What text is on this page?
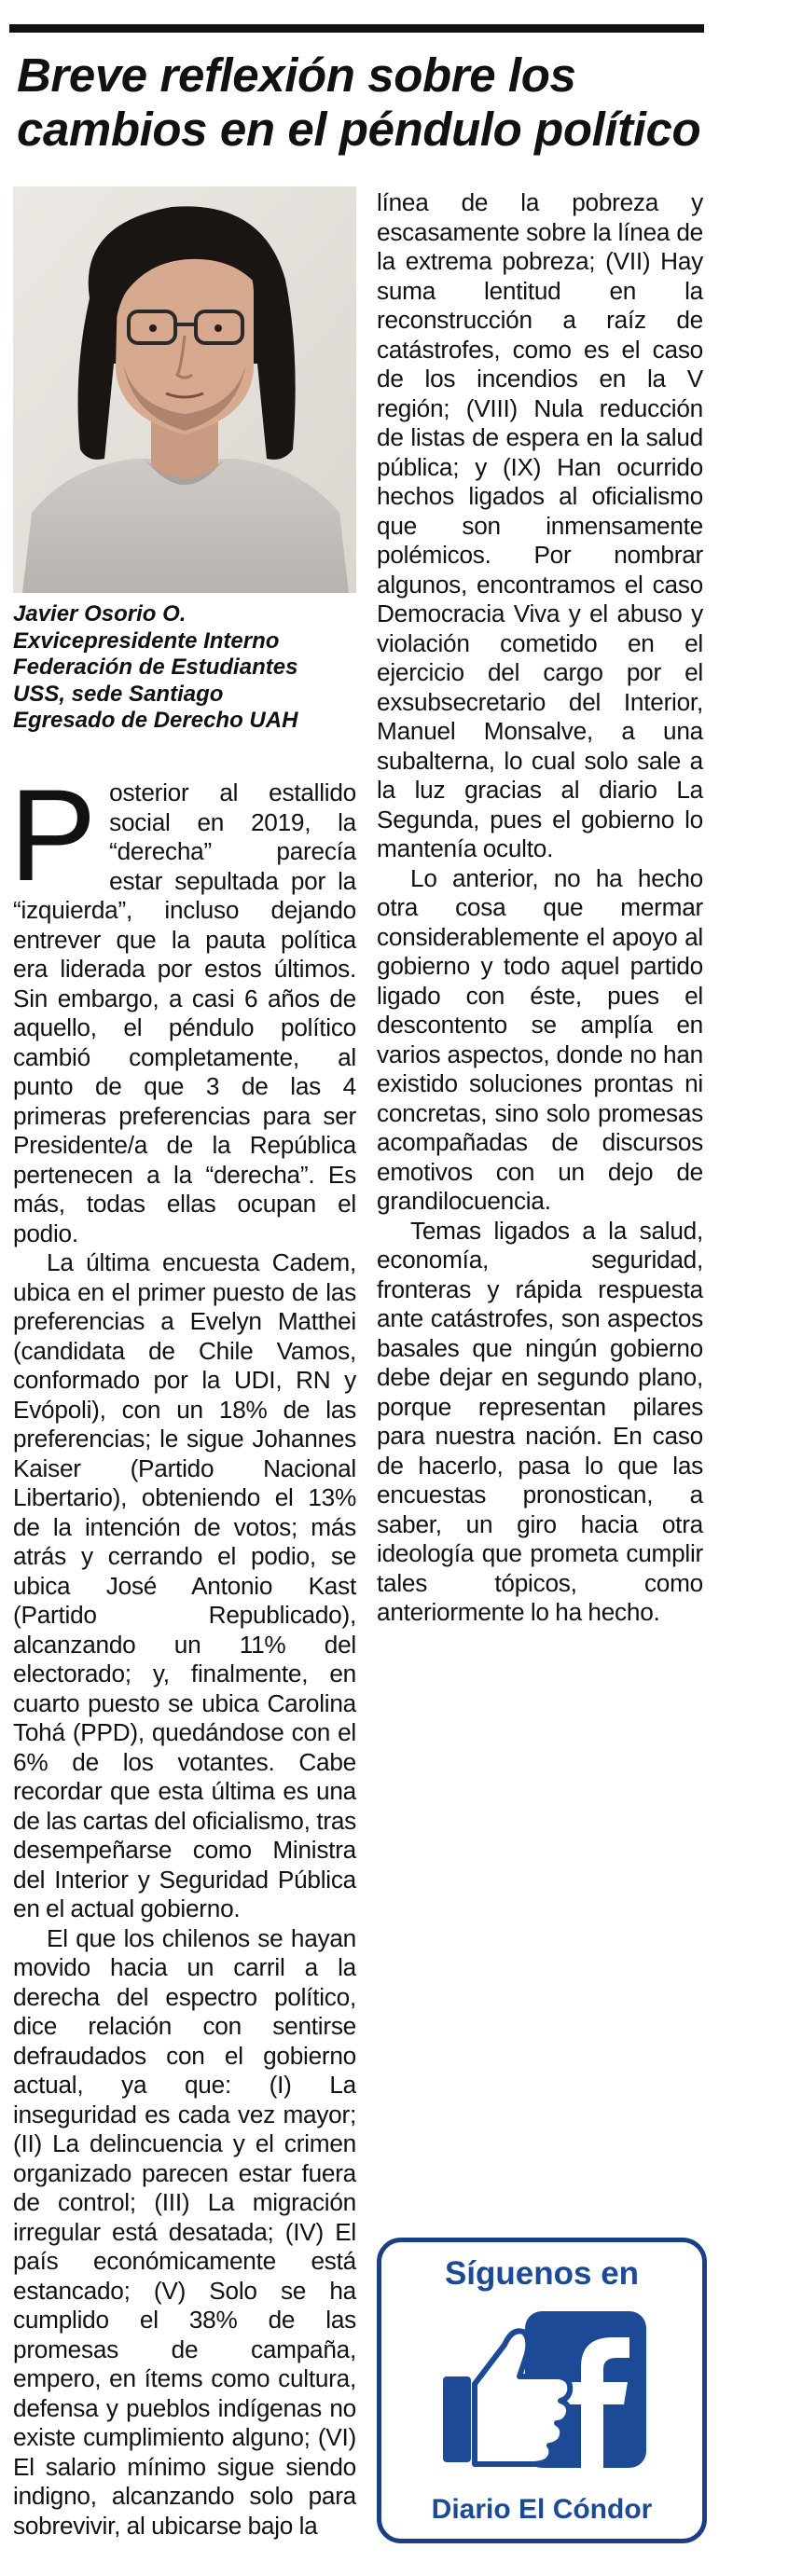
Breve reflexión sobre los
cambios en el péndulo político
Javier Osorio O.
Exvicepresidente Interno
Federación de Estudiantes
USS, sede Santiago
Egresado de Derecho UAH

Posterior al estallido social en 2019, la “derecha” parecía estar sepultada por la “izquierda”, incluso dejando entrever que la pauta política era liderada por estos últimos. Sin embargo, a casi 6 años de aquello, el péndulo político cambió completamente, al punto de que 3 de las 4 primeras preferencias para ser Presidente/a de la República pertenecen a la “derecha”. Es más, todas ellas ocupan el podio.

La última encuesta Cadem, ubica en el primer puesto de las preferencias a Evelyn Matthei (candidata de Chile Vamos, conformado por la UDI, RN y Evópoli), con un 18% de las preferencias; le sigue Johannes Kaiser (Partido Nacional Libertario), obteniendo el 13% de la intención de votos; más atrás y cerrando el podio, se ubica José Antonio Kast (Partido Republicado), alcanzando un 11% del electorado; y, finalmente, en cuarto puesto se ubica Carolina Tohá (PPD), quedándose con el 6% de los votantes. Cabe recordar que esta última es una de las cartas del oficialismo, tras desempeñarse como Ministra del Interior y Seguridad Pública en el actual gobierno.

El que los chilenos se hayan movido hacia un carril a la derecha del espectro político, dice relación con sentirse defraudados con el gobierno actual, ya que: (I) La inseguridad es cada vez mayor; (II) La delincuencia y el crimen organizado parecen estar fuera de control; (III) La migración irregular está desatada; (IV) El país económicamente está estancado; (V) Solo se ha cumplido el 38% de las promesas de campaña, empero, en ítems como cultura, defensa y pueblos indígenas no existe cumplimiento alguno; (VI) El salario mínimo sigue siendo indigno, alcanzando solo para sobrevivir, al ubicarse bajo la

línea de la pobreza y escasamente sobre la línea de la extrema pobreza; (VII) Hay suma lentitud en la reconstrucción a raíz de catástrofes, como es el caso de los incendios en la V región; (VIII) Nula reducción de listas de espera en la salud pública; y (IX) Han ocurrido hechos ligados al oficialismo que son inmensamente polémicos. Por nombrar algunos, encontramos el caso Democracia Viva y el abuso y violación cometido en el ejercicio del cargo por el exsubsecretario del Interior, Manuel Monsalve, a una subalterna, lo cual solo sale a la luz gracias al diario La Segunda, pues el gobierno lo mantenía oculto.

Lo anterior, no ha hecho otra cosa que mermar considerablemente el apoyo al gobierno y todo aquel partido ligado con éste, pues el descontento se amplía en varios aspectos, donde no han existido soluciones prontas ni concretas, sino solo promesas acompañadas de discursos emotivos con un dejo de grandilocuencia.

Temas ligados a la salud, economía, seguridad, fronteras y rápida respuesta ante catástrofes, son aspectos basales que ningún gobierno debe dejar en segundo plano, porque representan pilares para nuestra nación. En caso de hacerlo, pasa lo que las encuestas pronostican, a saber, un giro hacia otra ideología que prometa cumplir tales tópicos, como anteriormente lo ha hecho.

Síguenos en
Diario El Cóndor
